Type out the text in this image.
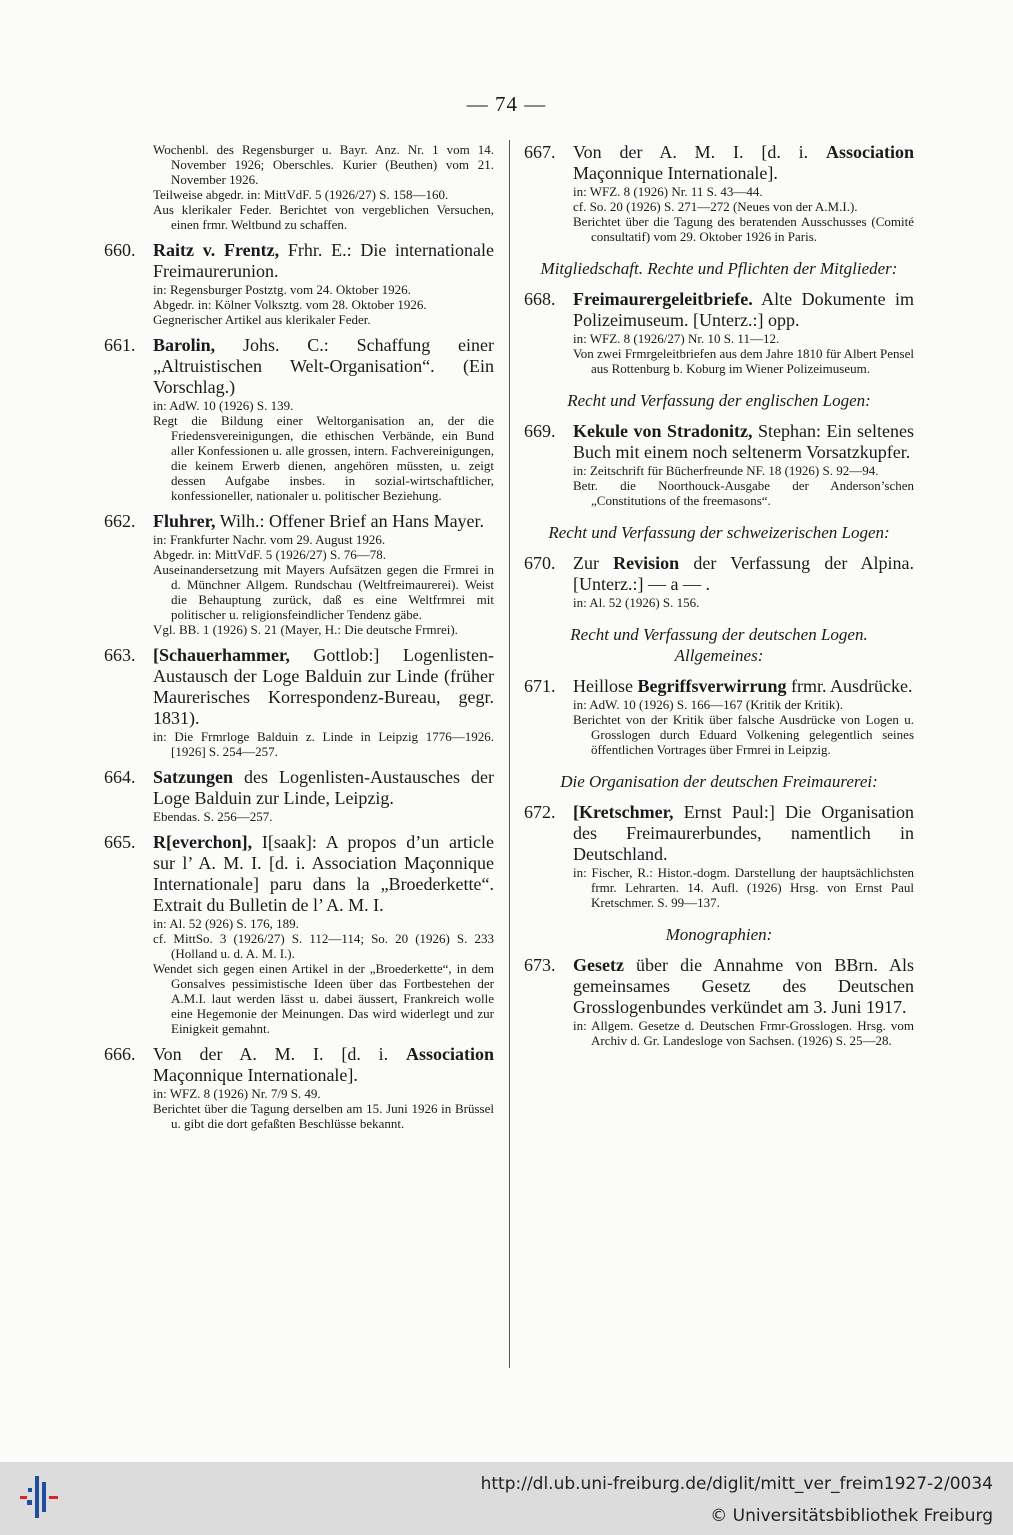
— 74 —
Wochenbl. des Regensburger u. Bayr. Anz. Nr. 1 vom 14. November 1926; Oberschles. Kurier (Beuthen) vom 21. November 1926.
Teilweise abgedr. in: MittVdF. 5 (1926/27) S. 158—160.
Aus klerikaler Feder. Berichtet von vergeblichen Versuchen, einen frmr. Weltbund zu schaffen.
660. Raitz v. Frentz, Frhr. E.: Die internationale Freimaurerunion.
in: Regensburger Postztg. vom 24. Oktober 1926.
Abgedr. in: Kölner Volksztg. vom 28. Oktober 1926.
Gegnerischer Artikel aus klerikaler Feder.
661. Barolin, Johs. C.: Schaffung einer „Altruistischen Welt-Organisation“. (Ein Vorschlag.)
in: AdW. 10 (1926) S. 139.
Regt die Bildung einer Weltorganisation an, der die Friedensvereinigungen, die ethischen Verbände, ein Bund aller Konfessionen u. alle grossen, intern. Fachvereinigungen, die keinem Erwerb dienen, angehören müssten, u. zeigt dessen Aufgabe insbes. in sozial-wirtschaftlicher, konfessioneller, nationaler u. politischer Beziehung.
662. Fluhrer, Wilh.: Offener Brief an Hans Mayer.
in: Frankfurter Nachr. vom 29. August 1926.
Abgedr. in: MittVdF. 5 (1926/27) S. 76—78.
Auseinandersetzung mit Mayers Aufsätzen gegen die Frmrei in d. Münchner Allgem. Rundschau (Weltfreimaurerei). Weist die Behauptung zurück, daß es eine Weltfrmrei mit politischer u. religionsfeindlicher Tendenz gäbe.
Vgl. BB. 1 (1926) S. 21 (Mayer, H.: Die deutsche Frmrei).
663. [Schauerhammer, Gottlob:] Logenlisten-Austausch der Loge Balduin zur Linde (früher Maurerisches Korrespondenz-Bureau, gegr. 1831).
in: Die Frmrloge Balduin z. Linde in Leipzig 1776—1926. [1926] S. 254—257.
664. Satzungen des Logenlisten-Austausches der Loge Balduin zur Linde, Leipzig.
Ebendas. S. 256—257.
665. R[everchon], I[saak]: A propos d’un article sur l’ A. M. I. [d. i. Association Maçonnique Internationale] paru dans la „Broederkette“. Extrait du Bulletin de l’ A. M. I.
in: Al. 52 (926) S. 176, 189.
cf. MittSo. 3 (1926/27) S. 112—114; So. 20 (1926) S. 233 (Holland u. d. A. M. I.).
Wendet sich gegen einen Artikel in der „Broederkette“, in dem Gonsalves pessimistische Ideen über das Fortbestehen der A.M.I. laut werden lässt u. dabei äussert, Frankreich wolle eine Hegemonie der Meinungen. Das wird widerlegt und zur Einigkeit gemahnt.
666. Von der A. M. I. [d. i. Association Maçonnique Internationale].
in: WFZ. 8 (1926) Nr. 7/9 S. 49.
Berichtet über die Tagung derselben am 15. Juni 1926 in Brüssel u. gibt die dort gefaßten Beschlüsse bekannt.
667. Von der A. M. I. [d. i. Association Maçonnique Internationale].
in: WFZ. 8 (1926) Nr. 11 S. 43—44.
cf. So. 20 (1926) S. 271—272 (Neues von der A.M.I.).
Berichtet über die Tagung des beratenden Ausschusses (Comité consultatif) vom 29. Oktober 1926 in Paris.
Mitgliedschaft. Rechte und Pflichten der Mitglieder:
668. Freimaurergeleitbriefe. Alte Dokumente im Polizeimuseum. [Unterz.:] opp.
in: WFZ. 8 (1926/27) Nr. 10 S. 11—12.
Von zwei Frmrgeleitbriefen aus dem Jahre 1810 für Albert Pensel aus Rottenburg b. Koburg im Wiener Polizeimuseum.
Recht und Verfassung der englischen Logen:
669. Kekule von Stradonitz, Stephan: Ein seltenes Buch mit einem noch seltenerm Vorsatzkupfer.
in: Zeitschrift für Bücherfreunde NF. 18 (1926) S. 92—94.
Betr. die Noorthouck-Ausgabe der Anderson’schen „Constitutions of the freemasons“.
Recht und Verfassung der schweizerischen Logen:
670. Zur Revision der Verfassung der Alpina. [Unterz.:] — a — .
in: Al. 52 (1926) S. 156.
Recht und Verfassung der deutschen Logen. Allgemeines:
671. Heillose Begriffsverwirrung frmr. Ausdrücke.
in: AdW. 10 (1926) S. 166—167 (Kritik der Kritik).
Berichtet von der Kritik über falsche Ausdrücke von Logen u. Grosslogen durch Eduard Volkening gelegentlich seines öffentlichen Vortrages über Frmrei in Leipzig.
Die Organisation der deutschen Freimaurerei:
672. [Kretschmer, Ernst Paul:] Die Organisation des Freimaurerbundes, namentlich in Deutschland.
in: Fischer, R.: Histor.-dogm. Darstellung der hauptsächlichsten frmr. Lehrarten. 14. Aufl. (1926) Hrsg. von Ernst Paul Kretschmer. S. 99—137.
Monographien:
673. Gesetz über die Annahme von BBrn. Als gemeinsames Gesetz des Deutschen Grosslogenbundes verkündet am 3. Juni 1917.
in: Allgem. Gesetze d. Deutschen Frmr-Grosslogen. Hrsg. vom Archiv d. Gr. Landesloge von Sachsen. (1926) S. 25—28.
http://dl.ub.uni-freiburg.de/diglit/mitt_ver_freim1927-2/0034
© Universitätsbibliothek Freiburg
